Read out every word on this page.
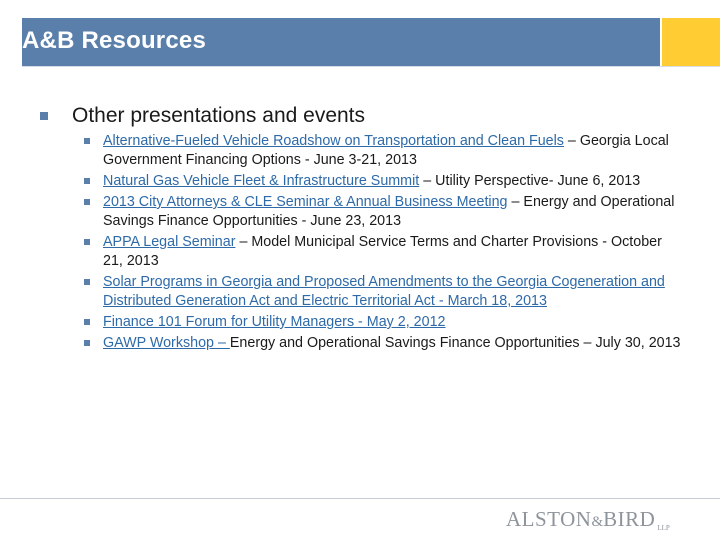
A&B Resources
Other presentations and events
Alternative-Fueled Vehicle Roadshow on Transportation and Clean Fuels – Georgia Local Government Financing Options - June 3-21, 2013
Natural Gas Vehicle Fleet & Infrastructure Summit – Utility Perspective- June 6, 2013
2013 City Attorneys & CLE Seminar & Annual Business Meeting – Energy and Operational Savings Finance Opportunities - June 23, 2013
APPA Legal Seminar – Model Municipal Service Terms and Charter Provisions - October 21, 2013
Solar Programs in Georgia and Proposed Amendments to the Georgia Cogeneration and Distributed Generation Act and Electric Territorial Act - March 18, 2013
Finance 101 Forum for Utility Managers - May 2, 2012
GAWP Workshop – Energy and Operational Savings Finance Opportunities – July 30, 2013
ALSTON&BIRD LLP
